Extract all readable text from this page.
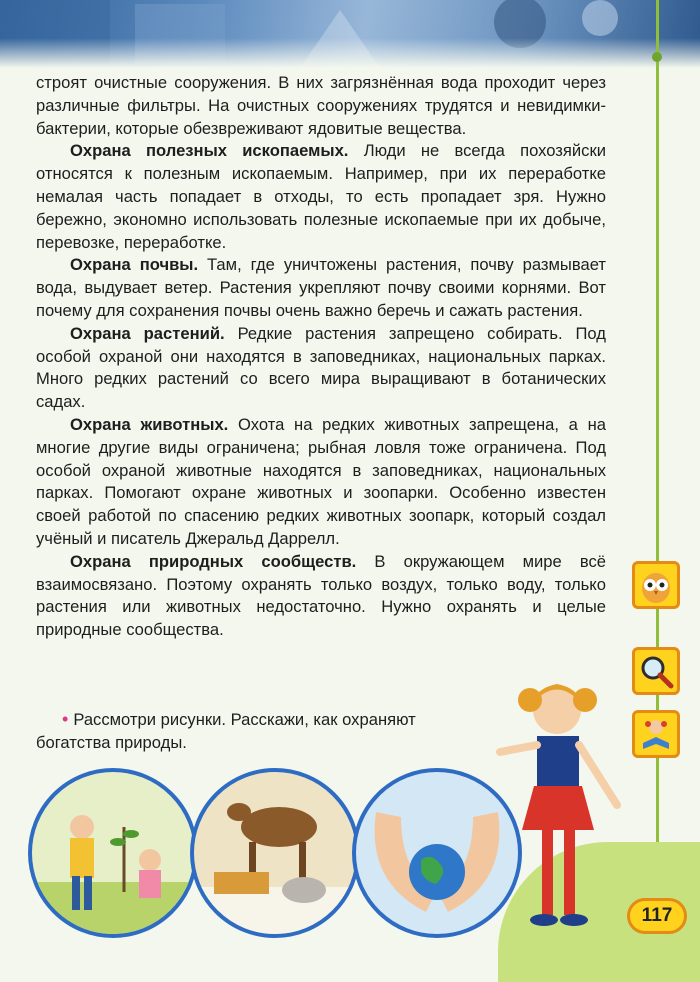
строят очистные сооружения. В них загрязнённая вода проходит через различные фильтры. На очистных сооружениях трудятся и невидимки-бактерии, которые обезвреживают ядовитые вещества.

Охрана полезных ископаемых. Люди не всегда похозяйски относятся к полезным ископаемым. Например, при их переработке немалая часть попадает в отходы, то есть пропадает зря. Нужно бережно, экономно использовать полезные ископаемые при их добыче, перевозке, переработке.

Охрана почвы. Там, где уничтожены растения, почву размывает вода, выдувает ветер. Растения укрепляют почву своими корнями. Вот почему для сохранения почвы очень важно беречь и сажать растения.

Охрана растений. Редкие растения запрещено собирать. Под особой охраной они находятся в заповедниках, национальных парках. Много редких растений со всего мира выращивают в ботанических садах.

Охрана животных. Охота на редких животных запрещена, а на многие другие виды ограничена; рыбная ловля тоже ограничена. Под особой охраной животные находятся в заповедниках, национальных парках. Помогают охране животных и зоопарки. Особенно известен своей работой по спасению редких животных зоопарк, который создал учёный и писатель Джеральд Даррелл.

Охрана природных сообществ. В окружающем мире всё взаимосвязано. Поэтому охранять только воздух, только воду, только растения или животных недостаточно. Нужно охранять и целые природные сообщества.

• Рассмотри рисунки. Расскажи, как охраняют
богатства природы.
117
